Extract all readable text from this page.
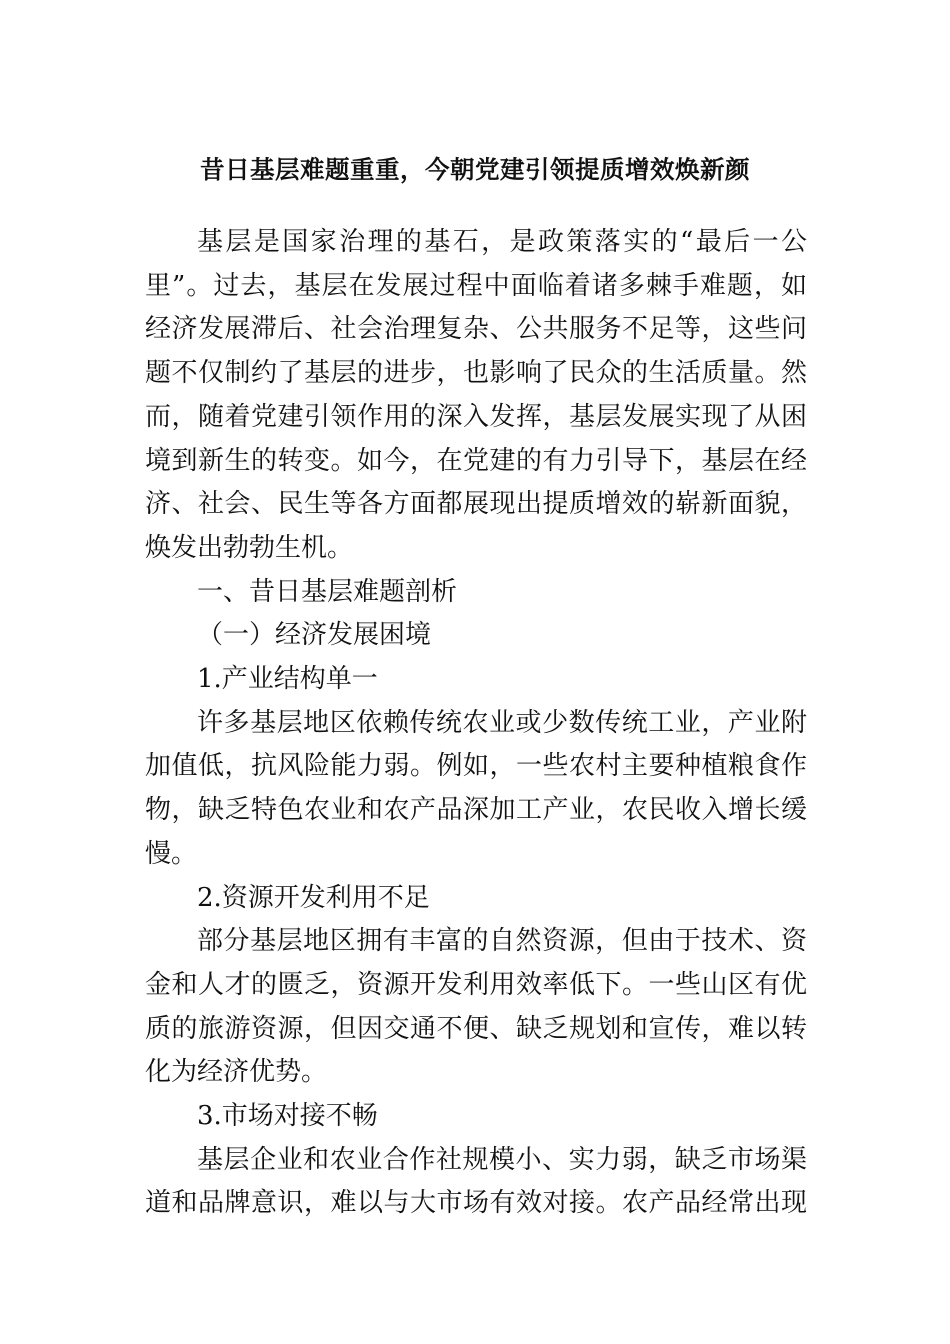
昔日基层难题重重，今朝党建引领提质增效焕新颜
基层是国家治理的基石，是政策落实的“最后一公
里”。过去，基层在发展过程中面临着诸多棘手难题，如
经济发展滞后、社会治理复杂、公共服务不足等，这些问
题不仅制约了基层的进步，也影响了民众的生活质量。然
而，随着党建引领作用的深入发挥，基层发展实现了从困
境到新生的转变。如今，在党建的有力引导下，基层在经
济、社会、民生等各方面都展现出提质增效的崭新面貌，
焕发出勃勃生机。
一、昔日基层难题剖析
（一）经济发展困境
1.产业结构单一
许多基层地区依赖传统农业或少数传统工业，产业附
加值低，抗风险能力弱。例如，一些农村主要种植粮食作
物，缺乏特色农业和农产品深加工产业，农民收入增长缓
慢。
2.资源开发利用不足
部分基层地区拥有丰富的自然资源，但由于技术、资
金和人才的匮乏，资源开发利用效率低下。一些山区有优
质的旅游资源，但因交通不便、缺乏规划和宣传，难以转
化为经济优势。
3.市场对接不畅
基层企业和农业合作社规模小、实力弱，缺乏市场渠
道和品牌意识，难以与大市场有效对接。农产品经常出现
